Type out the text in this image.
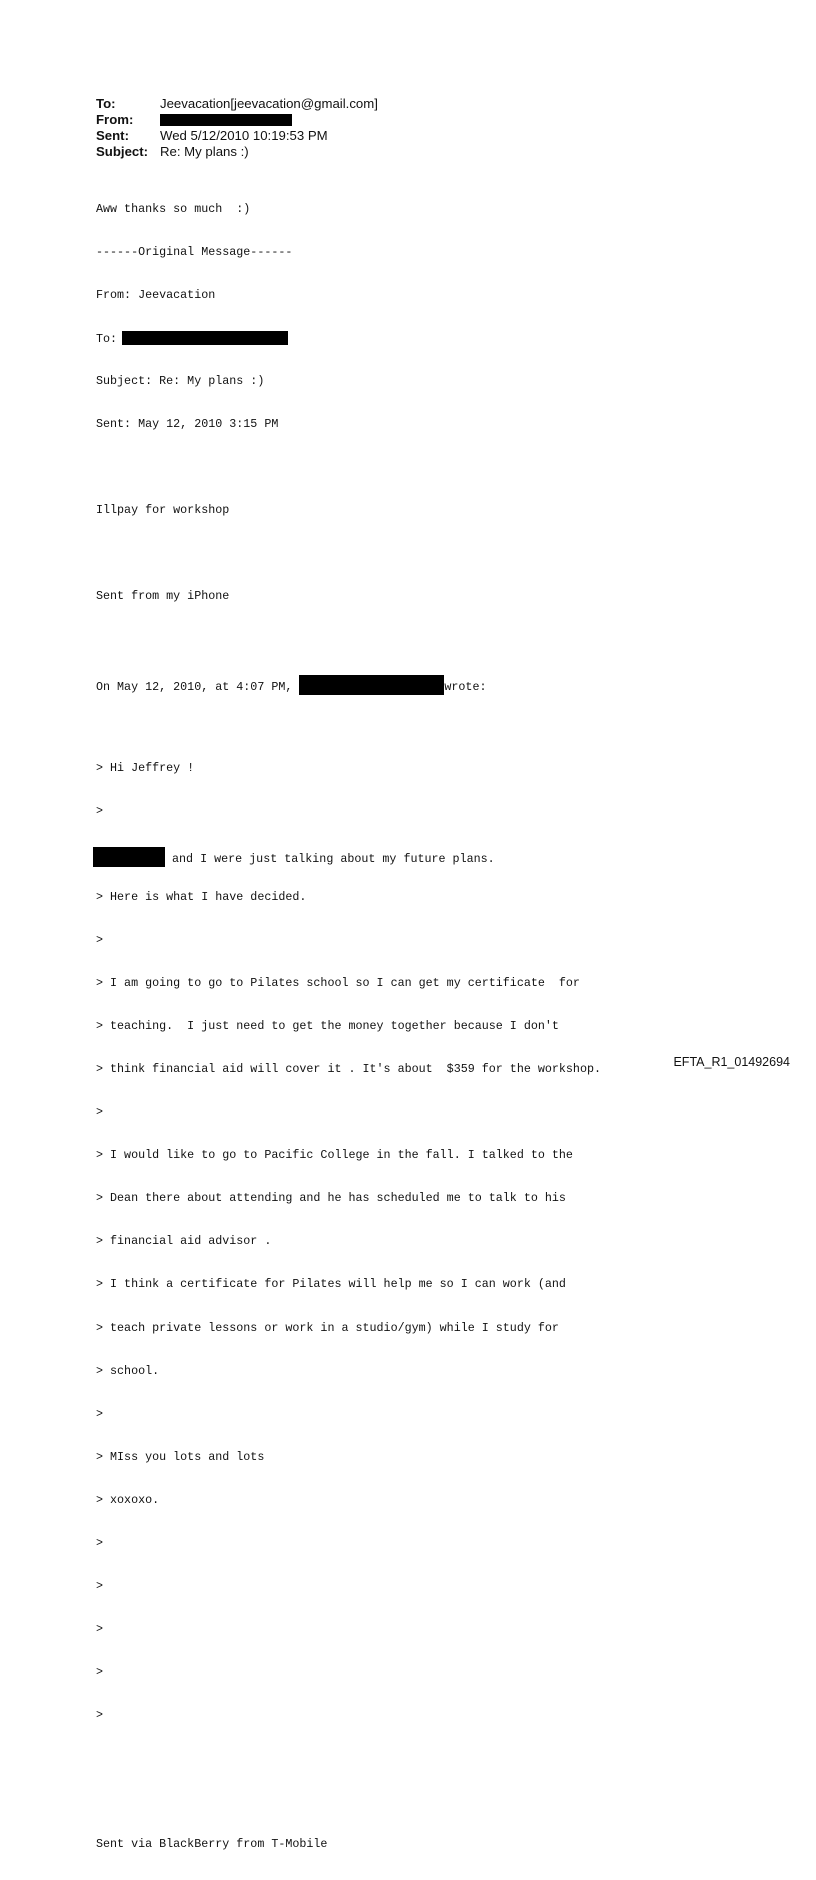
To:	Jeevacation[jeevacation@gmail.com]
From:
Sent: Wed 5/12/2010 10:19:53 PM
Subject: Re: My plans :)

Aww thanks so much  :)

------Original Message------

From: Jeevacation

To:

Subject: Re: My plans :)

Sent: May 12, 2010 3:15 PM

Illpay for workshop

Sent from my iPhone

On May 12, 2010, at 4:07 PM,	wrote:

> Hi Jeffrey !

>

and I were just talking about my future plans.

> Here is what I have decided.

>

> I am going to go to Pilates school so I can get my certificate  for

> teaching.  I just need to get the money together because I don't

> think financial aid will cover it . It's about  $359 for the workshop.

>

> I would like to go to Pacific College in the fall. I talked to the

> Dean there about attending and he has scheduled me to talk to his

> financial aid advisor .

> I think a certificate for Pilates will help me so I can work (and

> teach private lessons or work in a studio/gym) while I study for

> school.

>

> MIss you lots and lots

> xoxoxo.

>

>

>

>

>

Sent via BlackBerry from T-Mobile

EFTA_R1_01492694
